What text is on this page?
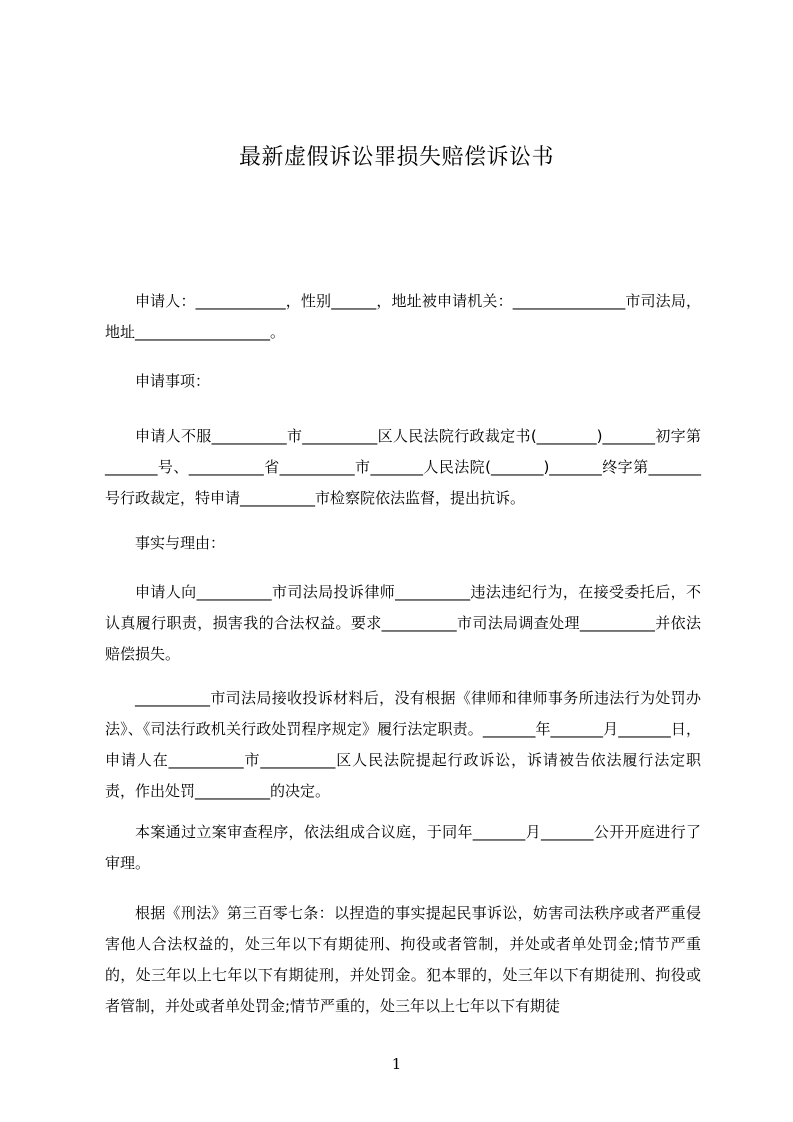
最新虚假诉讼罪损失赔偿诉讼书
申请人：____________，性别______，地址被申请机关：_______________市司法局，地址__________________。
申请事项：
申请人不服__________市__________区人民法院行政裁定书(________)_______初字第_______号、__________省__________市_______人民法院(_______)_______终字第_______号行政裁定，特申请__________市检察院依法监督，提出抗诉。
事实与理由：
申请人向__________市司法局投诉律师__________违法违纪行为，在接受委托后，不认真履行职责，损害我的合法权益。要求__________市司法局调查处理__________并依法赔偿损失。
__________市司法局接收投诉材料后，没有根据《律师和律师事务所违法行为处罚办法》、《司法行政机关行政处罚程序规定》履行法定职责。_______年_______月_______日，申请人在__________市__________区人民法院提起行政诉讼，诉请被告依法履行法定职责，作出处罚__________的决定。
本案通过立案审查程序，依法组成合议庭，于同年_______月_______公开开庭进行了审理。
根据《刑法》第三百零七条：以捏造的事实提起民事诉讼，妨害司法秩序或者严重侵害他人合法权益的，处三年以下有期徒刑、拘役或者管制，并处或者单处罚金;情节严重的，处三年以上七年以下有期徒刑，并处罚金。犯本罪的，处三年以下有期徒刑、拘役或者管制，并处或者单处罚金;情节严重的，处三年以上七年以下有期徒
1
